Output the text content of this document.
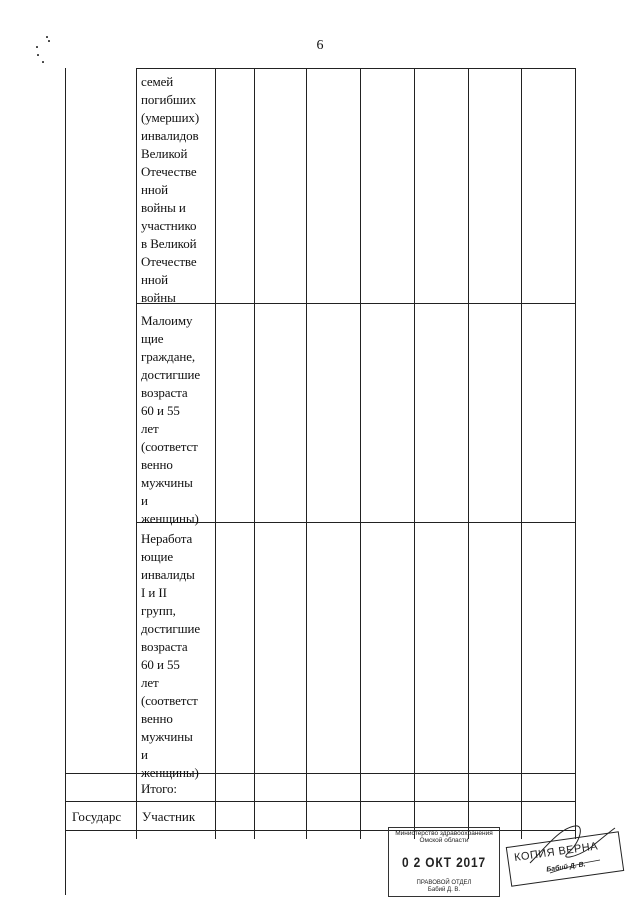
6
семей
погибших
(умерших)
инвалидов
Великой
Отечестве
нной
войны и
участнико
в Великой
Отечестве
нной
войны
Малоиму
щие
граждане,
достигшие
возраста
60 и 55
лет
(соответст
венно
мужчины
и
женщины)
Неработа
ющие
инвалиды
I и II
групп,
достигшие
возраста
60 и 55
лет
(соответст
венно
мужчины
и
женщины)
Итого:
Государс Участник
Министерство здравоохранения
Омской области
0 2 ОКТ 2017
ПРАВОВОЙ ОТДЕЛ
Бабий Д. В.
КОПИЯ ВЕРНА
Бабий Д. В.
